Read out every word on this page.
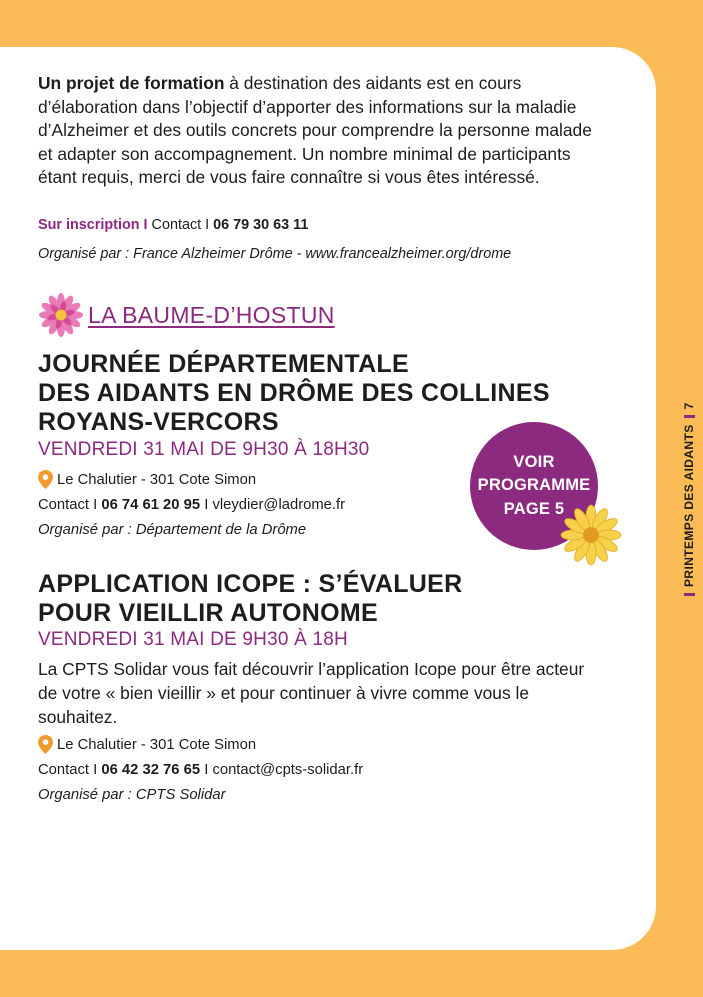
Un projet de formation à destination des aidants est en cours d’élaboration dans l’objectif d’apporter des informations sur la maladie d’Alzheimer et des outils concrets pour comprendre la personne malade et adapter son accompagnement. Un nombre minimal de participants étant requis, merci de vous faire connaître si vous êtes intéressé.
Sur inscription I Contact I 06 79 30 63 11
Organisé par : France Alzheimer Drôme - www.francealzheimer.org/drome
LA BAUME-D’HOSTUN
JOURNÉE DÉPARTEMENTALE
DES AIDANTS EN DRÔME DES COLLINES
ROYANS-VERCORS
VENDREDI 31 MAI DE 9H30 À 18H30
Le Chalutier - 301 Cote Simon
Contact I 06 74 61 20 95 I vleydier@ladrome.fr
Organisé par : Département de la Drôme
VOIR
PROGRAMME
PAGE 5
APPLICATION ICOPE : S’ÉVALUER
POUR VIEILLIR AUTONOME
VENDREDI 31 MAI DE 9H30 À 18H
La CPTS Solidar vous fait découvrir l’application Icope pour être acteur de votre « bien vieillir » et pour continuer à vivre comme vous le souhaitez.
Le Chalutier - 301 Cote Simon
Contact I 06 42 32 76 65 I contact@cpts-solidar.fr
Organisé par : CPTS Solidar
PRINTEMPS DES AIDANTS7
